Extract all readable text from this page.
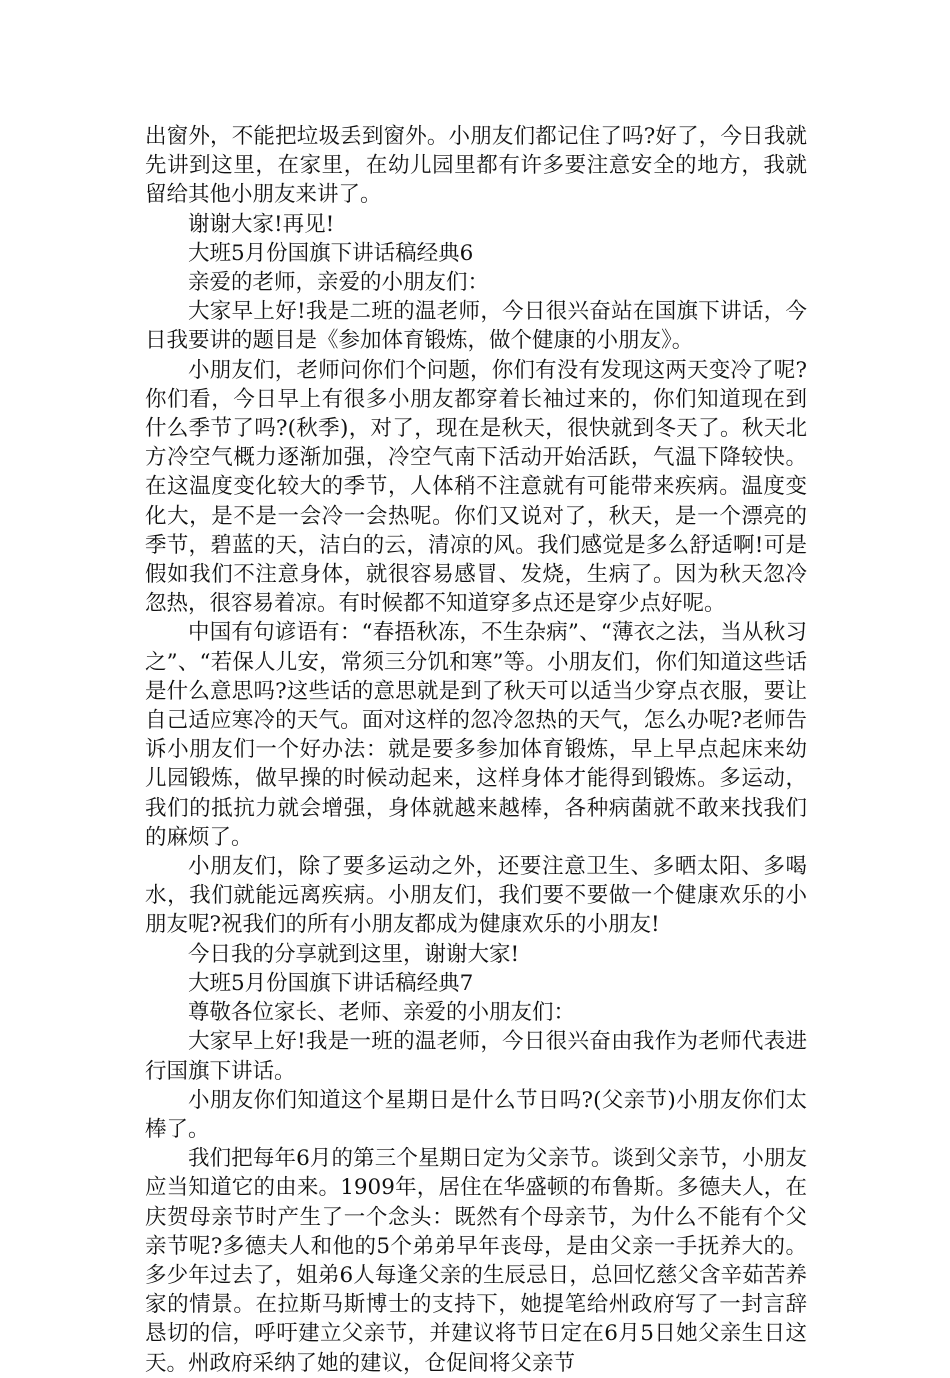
出窗外，不能把垃圾丢到窗外。小朋友们都记住了吗?好了，今日我就先讲到这里，在家里，在幼儿园里都有许多要注意安全的地方，我就留给其他小朋友来讲了。

谢谢大家!再见!

大班5月份国旗下讲话稿经典6

亲爱的老师，亲爱的小朋友们：

大家早上好!我是二班的温老师，今日很兴奋站在国旗下讲话，今日我要讲的题目是《参加体育锻炼，做个健康的小朋友》。

小朋友们，老师问你们个问题，你们有没有发现这两天变冷了呢?你们看，今日早上有很多小朋友都穿着长袖过来的，你们知道现在到什么季节了吗?(秋季)，对了，现在是秋天，很快就到冬天了。秋天北方冷空气概力逐渐加强，冷空气南下活动开始活跃，气温下降较快。在这温度变化较大的季节，人体稍不注意就有可能带来疾病。温度变化大，是不是一会冷一会热呢。你们又说对了，秋天，是一个漂亮的季节，碧蓝的天，洁白的云，清凉的风。我们感觉是多么舒适啊!可是假如我们不注意身体，就很容易感冒、发烧，生病了。因为秋天忽冷忽热，很容易着凉。有时候都不知道穿多点还是穿少点好呢。

中国有句谚语有：“春捂秋冻，不生杂病”、“薄衣之法，当从秋习之”、“若保人儿安，常须三分饥和寒”等。小朋友们，你们知道这些话是什么意思吗?这些话的意思就是到了秋天可以适当少穿点衣服，要让自己适应寒冷的天气。面对这样的忽冷忽热的天气，怎么办呢?老师告诉小朋友们一个好办法：就是要多参加体育锻炼，早上早点起床来幼儿园锻炼，做早操的时候动起来，这样身体才能得到锻炼。多运动，我们的抵抗力就会增强，身体就越来越棒，各种病菌就不敢来找我们的麻烦了。

小朋友们，除了要多运动之外，还要注意卫生、多晒太阳、多喝水，我们就能远离疾病。小朋友们，我们要不要做一个健康欢乐的小朋友呢?祝我们的所有小朋友都成为健康欢乐的小朋友!

今日我的分享就到这里，谢谢大家!

大班5月份国旗下讲话稿经典7

尊敬各位家长、老师、亲爱的小朋友们：

大家早上好!我是一班的温老师，今日很兴奋由我作为老师代表进行国旗下讲话。

小朋友你们知道这个星期日是什么节日吗?(父亲节)小朋友你们太棒了。

我们把每年6月的第三个星期日定为父亲节。谈到父亲节，小朋友应当知道它的由来。1909年，居住在华盛顿的布鲁斯。多德夫人，在庆贺母亲节时产生了一个念头：既然有个母亲节，为什么不能有个父亲节呢?多德夫人和他的5个弟弟早年丧母，是由父亲一手抚养大的。多少年过去了，姐弟6人每逢父亲的生辰忌日，总回忆慈父含辛茹苦养家的情景。在拉斯马斯博士的支持下，她提笔给州政府写了一封言辞恳切的信，呼吁建立父亲节，并建议将节日定在6月5日她父亲生日这天。州政府采纳了她的建议，仓促间将父亲节
